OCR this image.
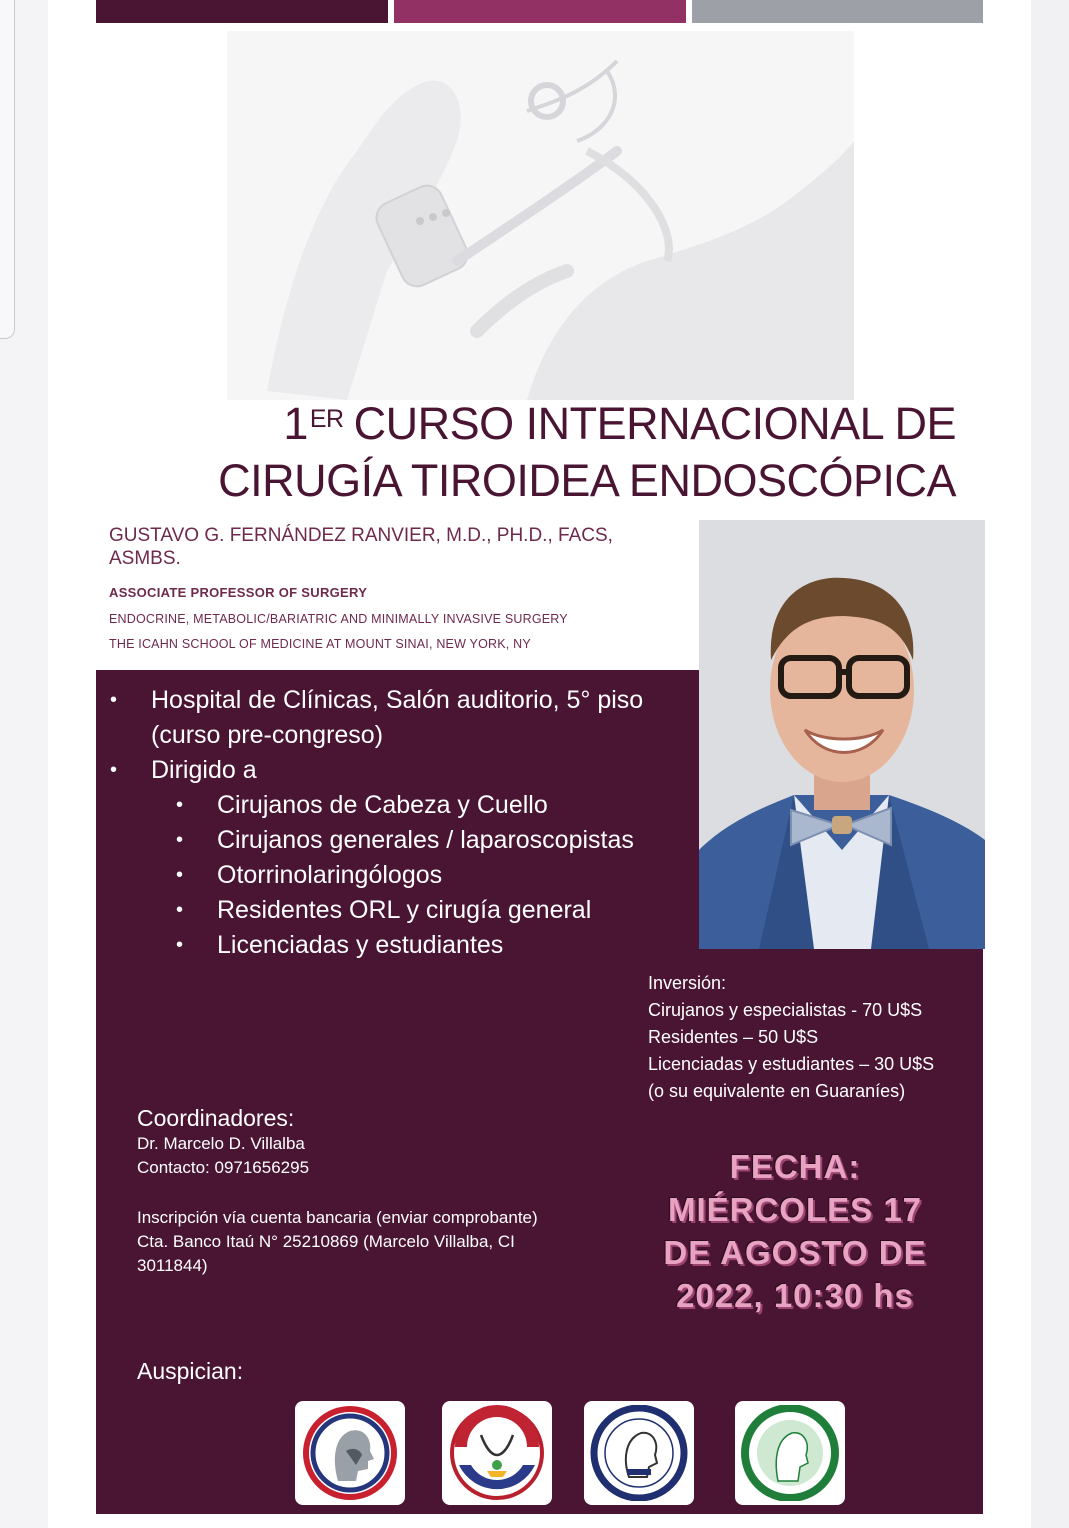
1ER CURSO INTERNACIONAL DE
CIRUGÍA TIROIDEA ENDOSCÓPICA
GUSTAVO G. FERNÁNDEZ RANVIER, M.D., PH.D., FACS, ASMBS.
ASSOCIATE PROFESSOR OF SURGERY
ENDOCRINE, METABOLIC/BARIATRIC AND MINIMALLY INVASIVE SURGERY
THE ICAHN SCHOOL OF MEDICINE AT MOUNT SINAI, NEW YORK, NY
• Hospital de Clínicas, Salón auditorio, 5° piso (curso pre-congreso)
• Dirigido a
• Cirujanos de Cabeza y Cuello
• Cirujanos generales / laparoscopistas
• Otorrinolaringólogos
• Residentes ORL y cirugía general
• Licenciadas y estudiantes
Inversión:
Cirujanos y especialistas - 70 U$S
Residentes – 50 U$S
Licenciadas y estudiantes – 30 U$S
(o su equivalente en Guaraníes)
Coordinadores:
Dr. Marcelo D. Villalba
Contacto: 0971656295
Inscripción vía cuenta bancaria (enviar comprobante)
Cta. Banco Itaú N° 25210869 (Marcelo Villalba, CI 3011844)
FECHA:
MIÉRCOLES 17
DE AGOSTO DE
2022, 10:30 hs
Auspician:
